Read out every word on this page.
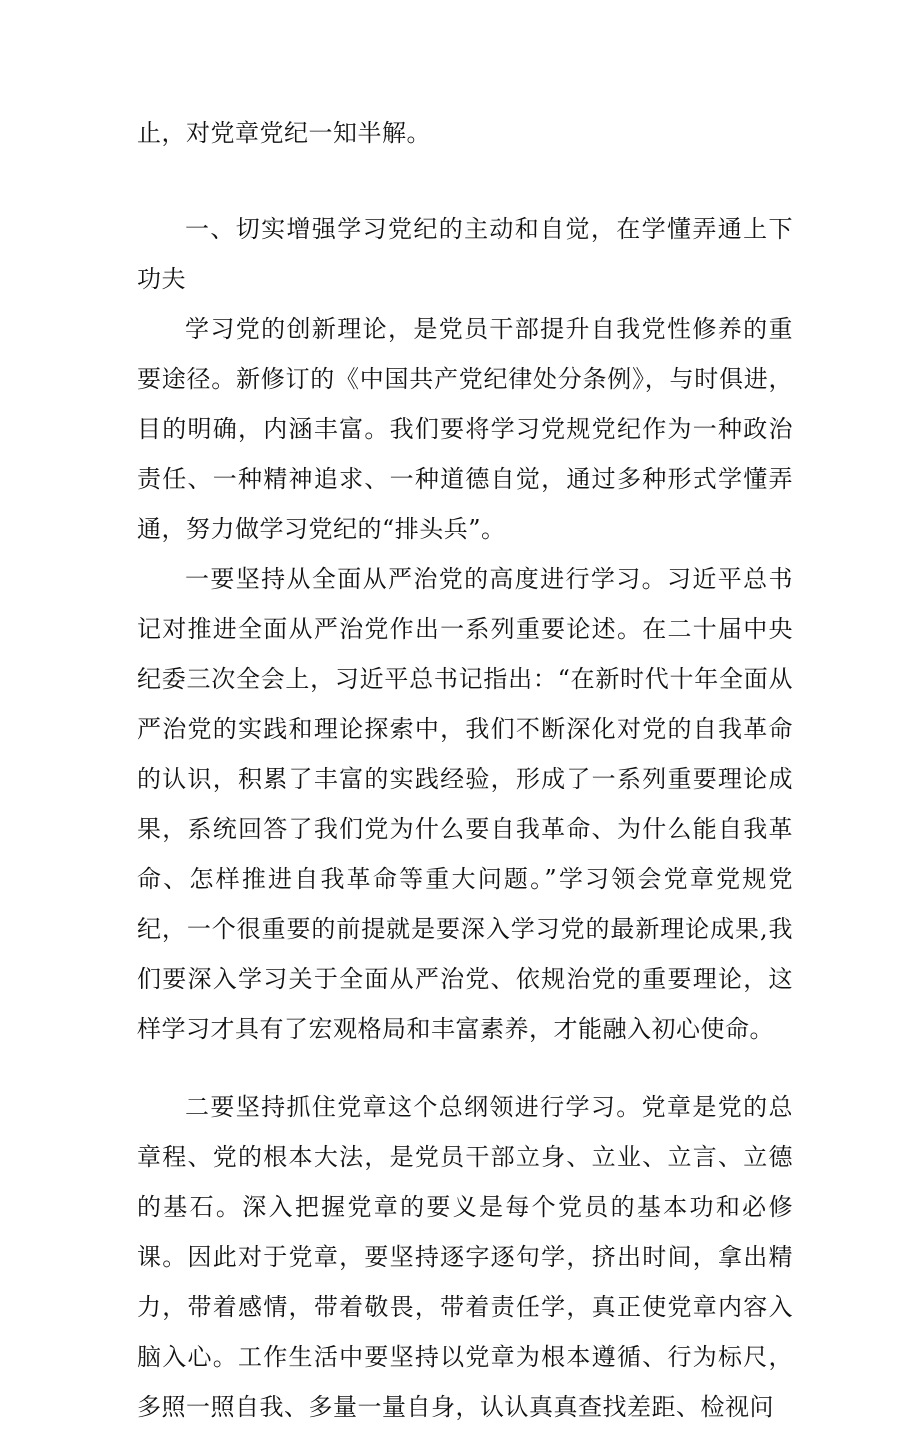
止，对党章党纪一知半解。

一、切实增强学习党纪的主动和自觉，在学懂弄通上下功夫

学习党的创新理论，是党员干部提升自我党性修养的重要途径。新修订的《中国共产党纪律处分条例》，与时俱进，目的明确，内涵丰富。我们要将学习党规党纪作为一种政治责任、一种精神追求、一种道德自觉，通过多种形式学懂弄通，努力做学习党纪的“排头兵”。

一要坚持从全面从严治党的高度进行学习。习近平总书记对推进全面从严治党作出一系列重要论述。在二十届中央纪委三次全会上，习近平总书记指出：“在新时代十年全面从严治党的实践和理论探索中，我们不断深化对党的自我革命的认识，积累了丰富的实践经验，形成了一系列重要理论成果，系统回答了我们党为什么要自我革命、为什么能自我革命、怎样推进自我革命等重大问题。”学习领会党章党规党纪，一个很重要的前提就是要深入学习党的最新理论成果,我们要深入学习关于全面从严治党、依规治党的重要理论，这样学习才具有了宏观格局和丰富素养，才能融入初心使命。

二要坚持抓住党章这个总纲领进行学习。党章是党的总章程、党的根本大法，是党员干部立身、立业、立言、立德的基石。深入把握党章的要义是每个党员的基本功和必修课。因此对于党章，要坚持逐字逐句学，挤出时间，拿出精力，带着感情，带着敬畏，带着责任学，真正使党章内容入脑入心。工作生活中要坚持以党章为根本遵循、行为标尺，多照一照自我、多量一量自身，认认真真查找差距、检视问
